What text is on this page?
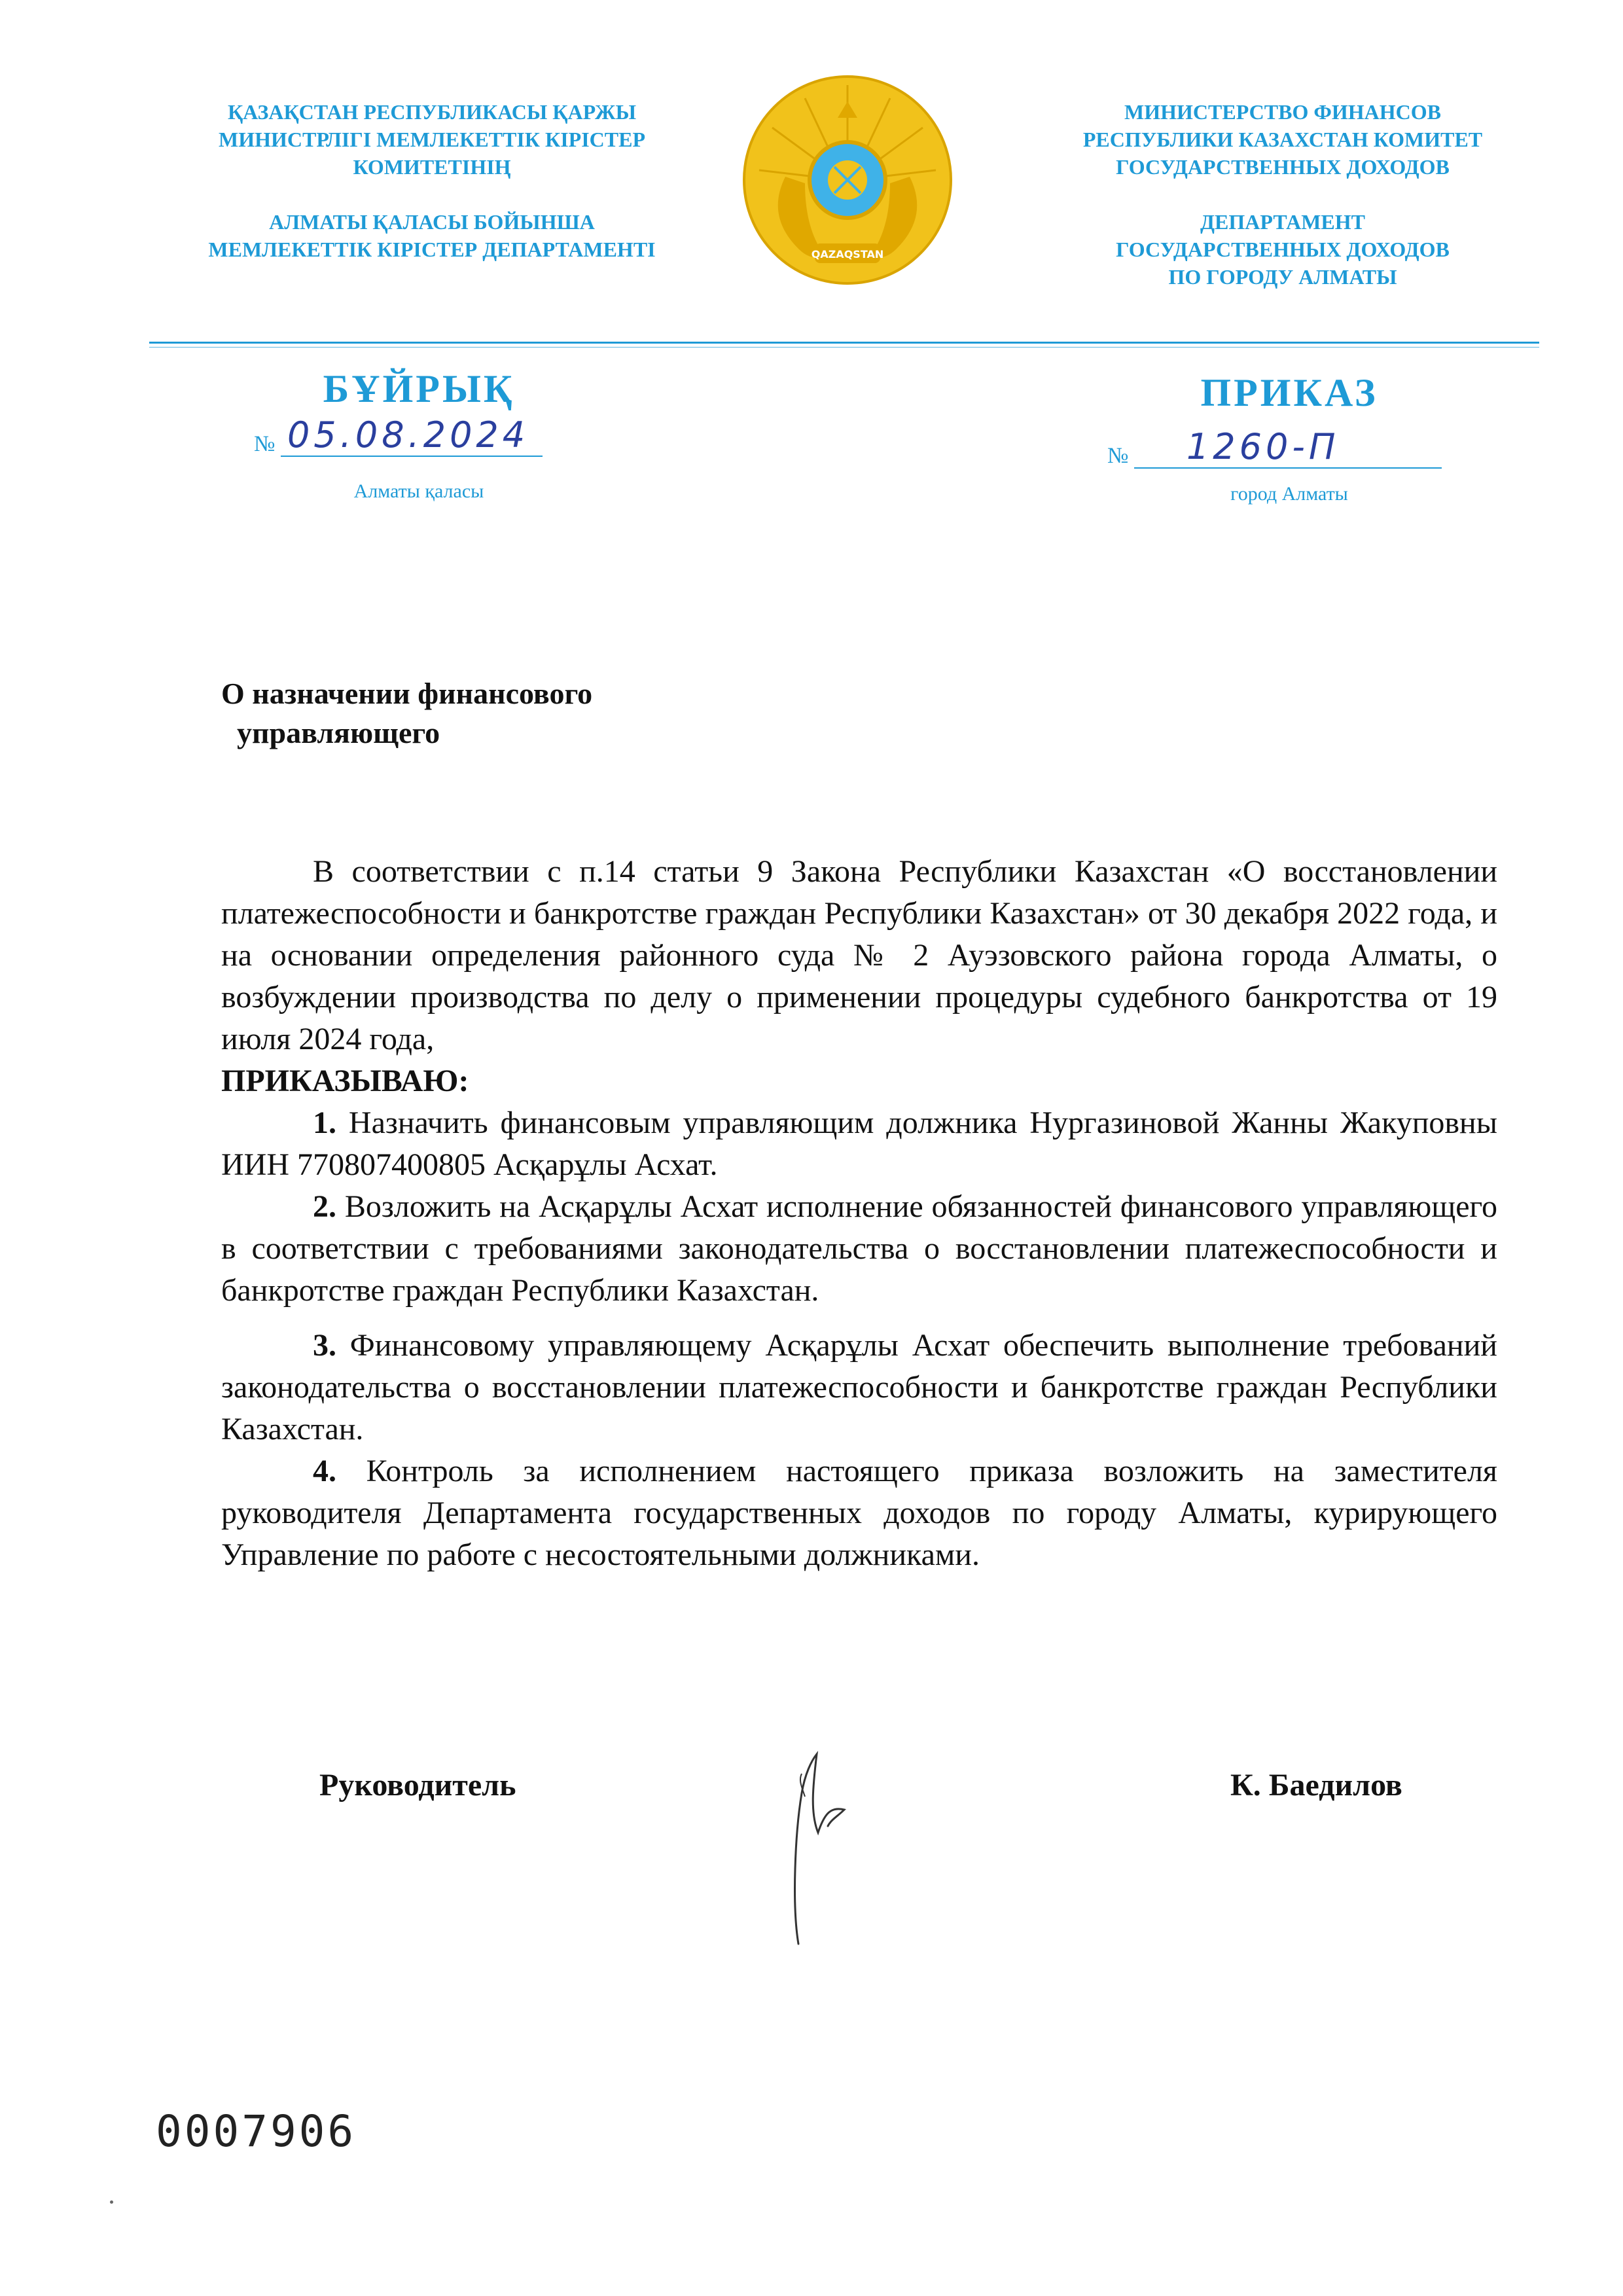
ҚАЗАҚСТАН РЕСПУБЛИКАСЫ ҚАРЖЫ
МИНИСТРЛІГІ МЕМЛЕКЕТТІК КІРІСТЕР
КОМИТЕТІНІҢ
АЛМАТЫ ҚАЛАСЫ БОЙЫНША
МЕМЛЕКЕТТІК КІРІСТЕР ДЕПАРТАМЕНТІ	QAZAQSTAN
МИНИСТЕРСТВО ФИНАНСОВ
РЕСПУБЛИКИ КАЗАХСТАН КОМИТЕТ
ГОСУДАРСТВЕННЫХ ДОХОДОВ
ДЕПАРТАМЕНТ
ГОСУДАРСТВЕННЫХ ДОХОДОВ
ПО ГОРОДУ АЛМАТЫ
БҰЙРЫҚ	ПРИКАЗ
№ 05.08.2024
№ 1260-П
Алматы қаласы	город Алматы
О назначении финансового
управляющего

В соответствии с п.14 статьи 9 Закона Республики Казахстан «О восстановлении платежеспособности и банкротстве граждан Республики Казахстан» от 30 декабря 2022 года, и на основании определения районного суда № 2 Ауэзовского района города Алматы, о возбуждении производства по делу о применении процедуры судебного банкротства от 19 июля 2024 года,

ПРИКАЗЫВАЮ:

1. Назначить финансовым управляющим должника Нургазиновой Жанны Жакуповны ИИН 770807400805 Асқарұлы Асхат.

2. Возложить на Асқарұлы Асхат исполнение обязанностей финансового управляющего в соответствии с требованиями законодательства о восстановлении платежеспособности и банкротстве граждан Республики Казахстан.

3. Финансовому управляющему Асқарұлы Асхат обеспечить выполнение требований законодательства о восстановлении платежеспособности и банкротстве граждан Республики Казахстан.

4. Контроль за исполнением настоящего приказа возложить на заместителя руководителя Департамента государственных доходов по городу Алматы, курирующего Управление по работе с несостоятельными должниками.

Руководитель	К. Баедилов
0007906
